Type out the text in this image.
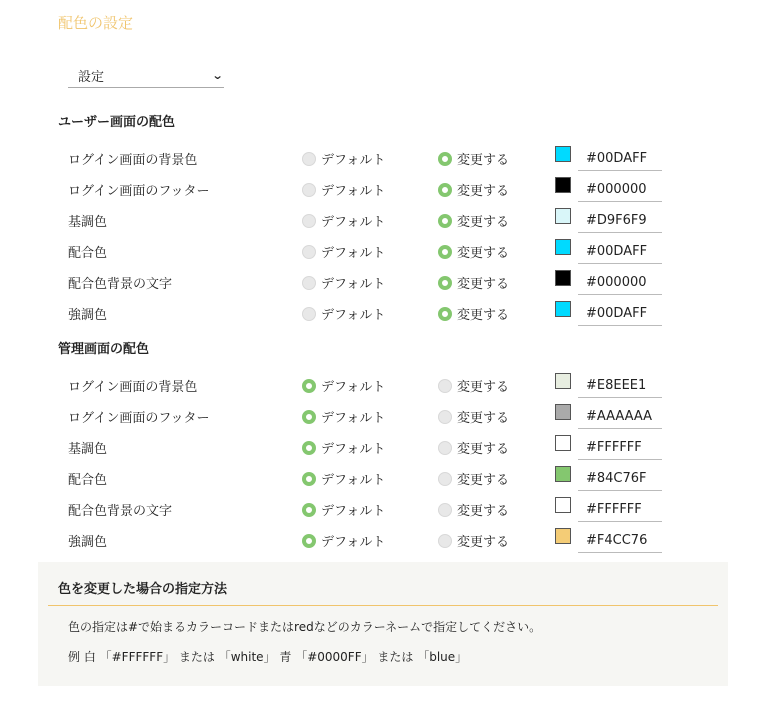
配色の設定
設定	⌄
ユーザー画面の配色
ログイン画面の背景色	デフォルト	変更する	#00DAFF
ログイン画面のフッター	デフォルト	変更する	#000000
基調色	デフォルト	変更する	#D9F6F9
配合色	デフォルト	変更する	#00DAFF
配合色背景の文字	デフォルト	変更する	#000000
強調色	デフォルト	変更する	#00DAFF
管理画面の配色
ログイン画面の背景色	デフォルト	変更する	#E8EEE1
ログイン画面のフッター	デフォルト	変更する	#AAAAAA
基調色	デフォルト	変更する	#FFFFFF
配合色	デフォルト	変更する	#84C76F
配合色背景の文字	デフォルト	変更する	#FFFFFF
強調色	デフォルト	変更する	#F4CC76
色を変更した場合の指定方法
色の指定は#で始まるカラーコードまたはredなどのカラーネームで指定してください。
例 白 「#FFFFFF」 または 「white」 青 「#0000FF」 または 「blue」
